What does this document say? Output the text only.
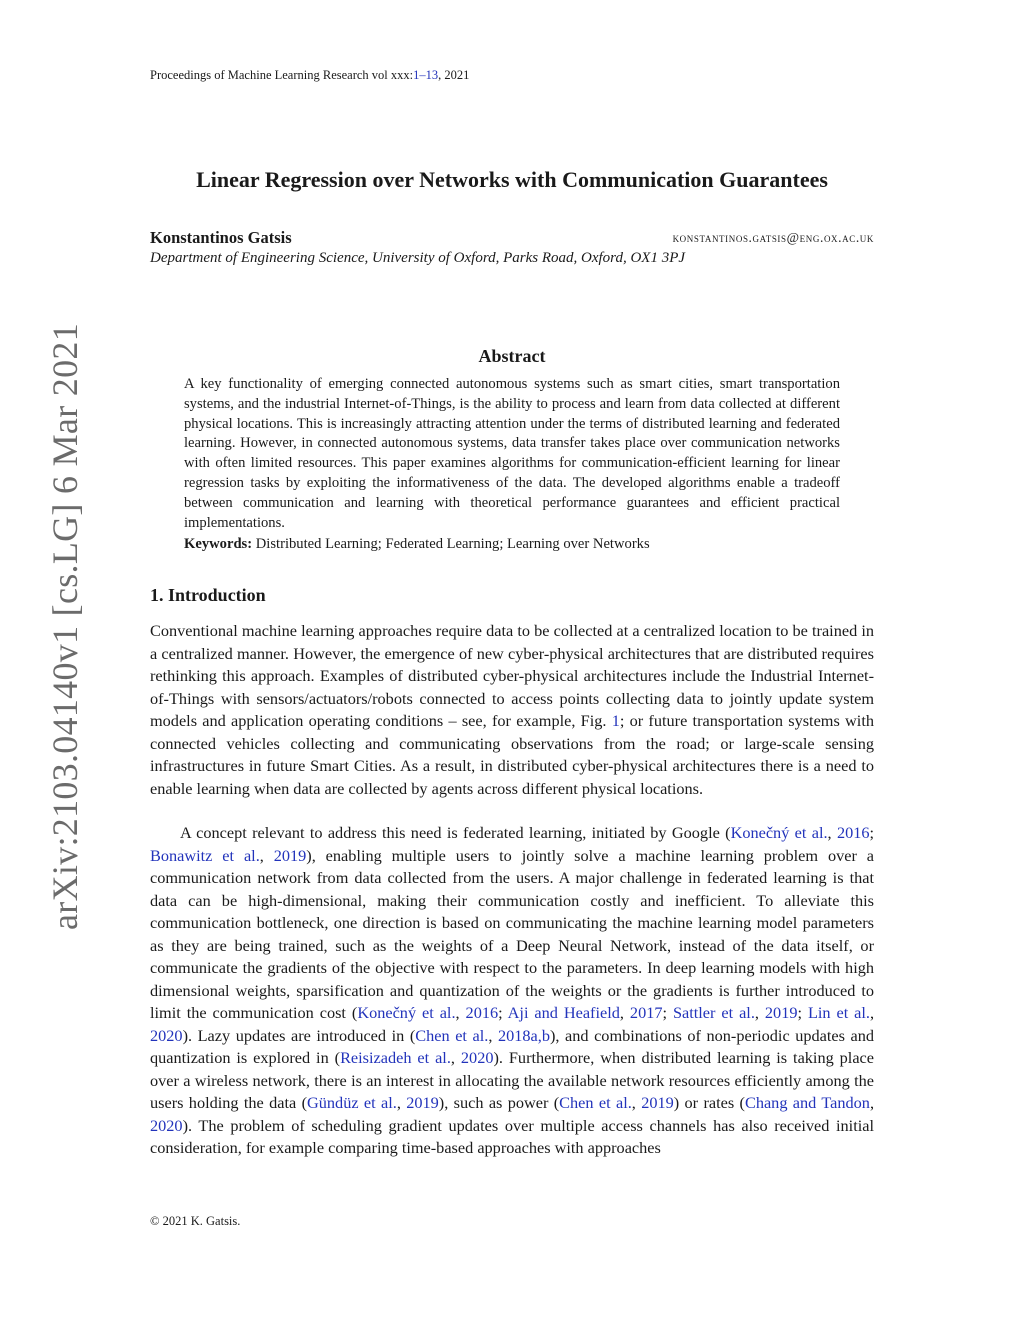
Proceedings of Machine Learning Research vol xxx:1–13, 2021
arXiv:2103.04140v1 [cs.LG] 6 Mar 2021
Linear Regression over Networks with Communication Guarantees
Konstantinos Gatsis	konstantinos.gatsis@eng.ox.ac.uk
Department of Engineering Science, University of Oxford, Parks Road, Oxford, OX1 3PJ
Abstract
A key functionality of emerging connected autonomous systems such as smart cities, smart transportation systems, and the industrial Internet-of-Things, is the ability to process and learn from data collected at different physical locations. This is increasingly attracting attention under the terms of distributed learning and federated learning. However, in connected autonomous systems, data transfer takes place over communication networks with often limited resources. This paper examines algorithms for communication-efficient learning for linear regression tasks by exploiting the informativeness of the data. The developed algorithms enable a tradeoff between communication and learning with theoretical performance guarantees and efficient practical implementations.
Keywords: Distributed Learning; Federated Learning; Learning over Networks
1. Introduction
Conventional machine learning approaches require data to be collected at a centralized location to be trained in a centralized manner. However, the emergence of new cyber-physical architectures that are distributed requires rethinking this approach. Examples of distributed cyber-physical architectures include the Industrial Internet-of-Things with sensors/actuators/robots connected to access points collecting data to jointly update system models and application operating conditions – see, for example, Fig. 1; or future transportation systems with connected vehicles collecting and communicating observations from the road; or large-scale sensing infrastructures in future Smart Cities. As a result, in distributed cyber-physical architectures there is a need to enable learning when data are collected by agents across different physical locations.
A concept relevant to address this need is federated learning, initiated by Google (Konečný et al., 2016; Bonawitz et al., 2019), enabling multiple users to jointly solve a machine learning problem over a communication network from data collected from the users. A major challenge in federated learning is that data can be high-dimensional, making their communication costly and inefficient. To alleviate this communication bottleneck, one direction is based on communicating the machine learning model parameters as they are being trained, such as the weights of a Deep Neural Network, instead of the data itself, or communicate the gradients of the objective with respect to the parameters. In deep learning models with high dimensional weights, sparsification and quantization of the weights or the gradients is further introduced to limit the communication cost (Konečný et al., 2016; Aji and Heafield, 2017; Sattler et al., 2019; Lin et al., 2020). Lazy updates are introduced in (Chen et al., 2018a,b), and combinations of non-periodic updates and quantization is explored in (Reisizadeh et al., 2020). Furthermore, when distributed learning is taking place over a wireless network, there is an interest in allocating the available network resources efficiently among the users holding the data (Gündüz et al., 2019), such as power (Chen et al., 2019) or rates (Chang and Tandon, 2020). The problem of scheduling gradient updates over multiple access channels has also received initial consideration, for example comparing time-based approaches with approaches
© 2021 K. Gatsis.
